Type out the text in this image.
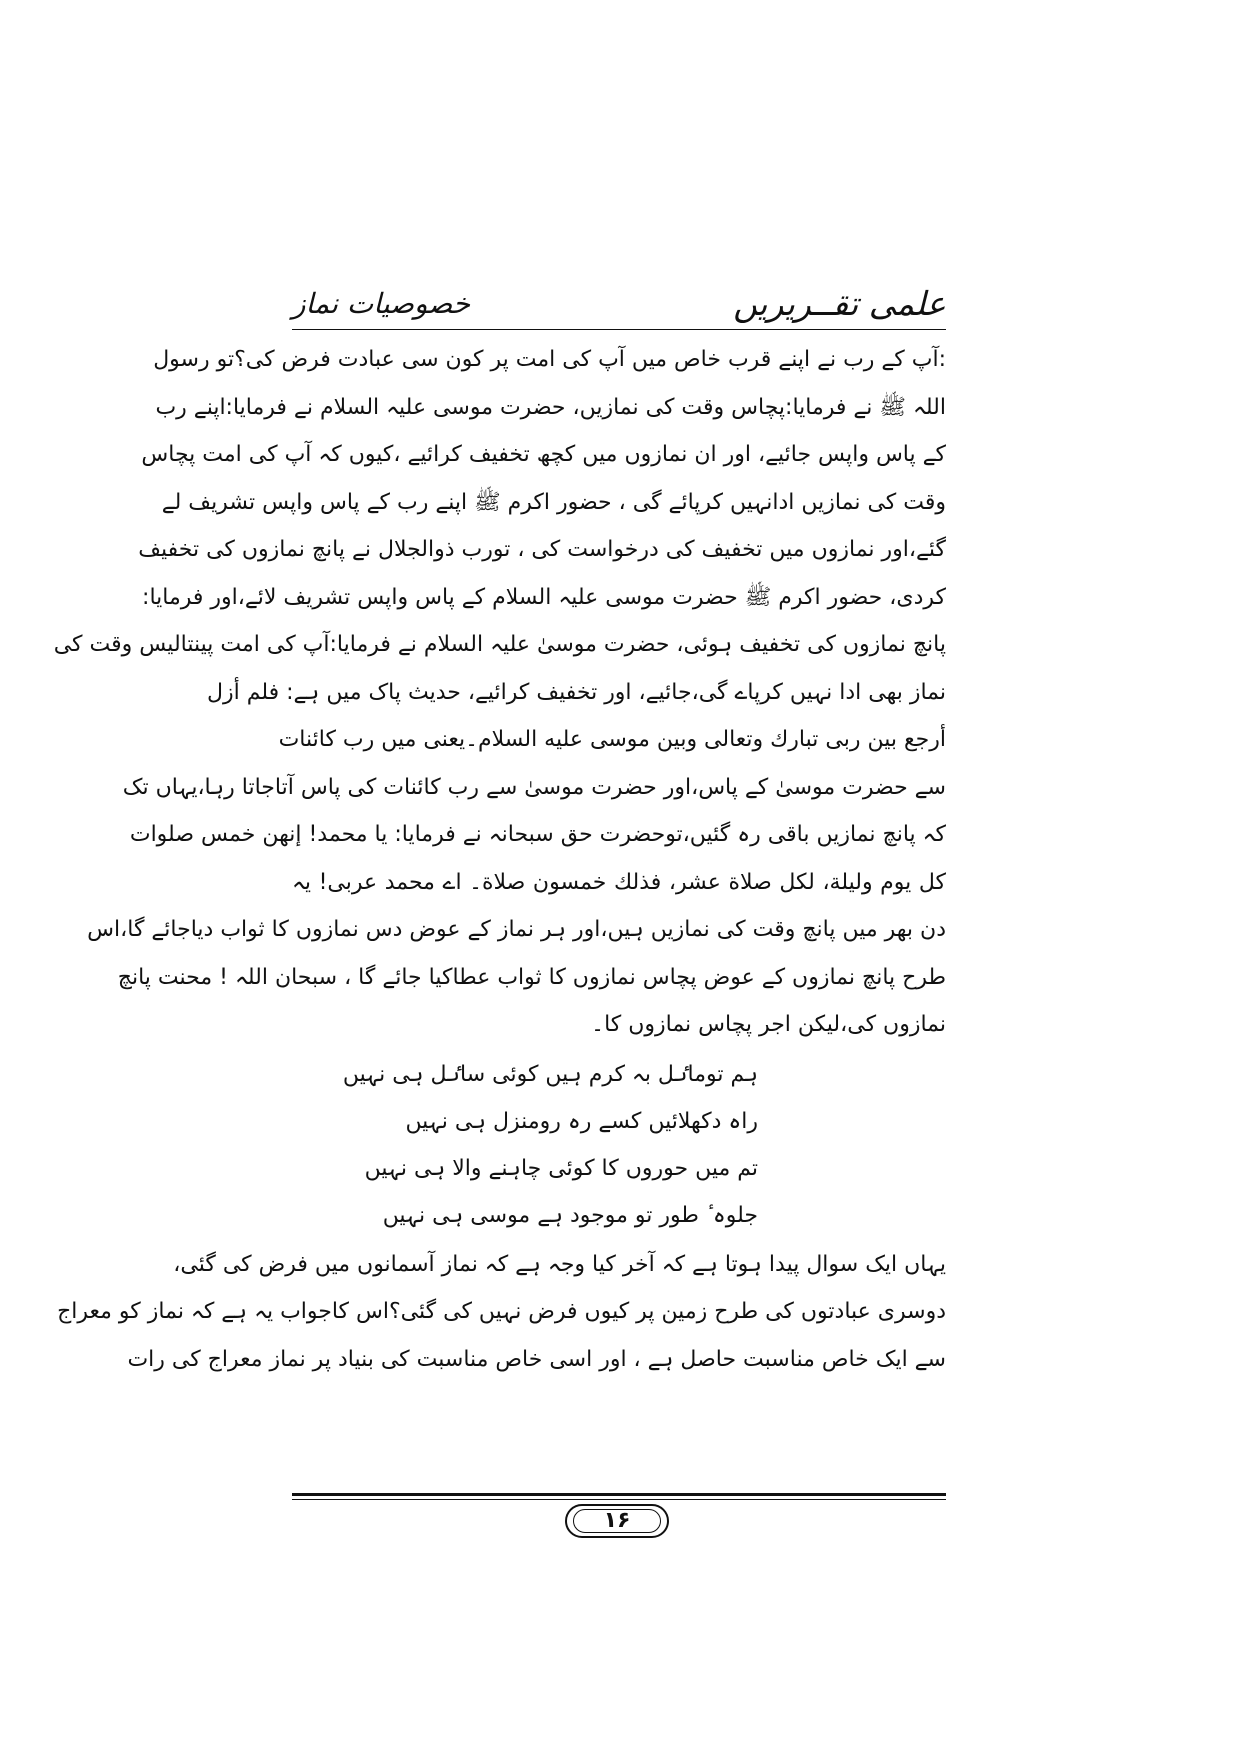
علمی تقــریریں
خصوصیات نماز
:آپ کے رب نے اپنے قرب خاص میں آپ کی امت پر کون سی عبادت فرض کی؟تو رسول
اللہ ﷺ نے فرمایا:پچاس وقت کی نمازیں، حضرت موسی علیہ السلام نے فرمایا:اپنے رب
کے پاس واپس جائیے، اور ان نمازوں میں کچھ تخفیف کرائیے ،کیوں کہ آپ کی امت پچاس
وقت کی نمازیں ادانہیں کرپائے گی ، حضور اکرم ﷺ اپنے رب کے پاس واپس تشریف لے
گئے،اور نمازوں میں تخفیف کی درخواست کی ، تورب ذوالجلال نے پانچ نمازوں کی تخفیف
کردی، حضور اکرم ﷺ حضرت موسی علیہ السلام کے پاس واپس تشریف لائے،اور فرمایا:
پانچ نمازوں کی تخفیف ہوئی، حضرت موسیٰ علیہ السلام نے فرمایا:آپ کی امت پینتالیس وقت کی
نماز بھی ادا نہیں کرپاے گی،جائیے، اور تخفیف کرائیے، حدیث پاک میں ہے: فلم أزل
أرجع بین ربی تبارك وتعالی وبین موسی علیه السلام۔یعنی میں رب کائنات
سے حضرت موسیٰ کے پاس،اور حضرت موسیٰ سے رب کائنات کی پاس آتاجاتا رہا،یہاں تک
کہ پانچ نمازیں باقی رہ گئیں،توحضرت حق سبحانہ نے فرمایا: یا محمد! إنهن خمس صلوات
کل یوم ولیلة، لکل صلاة عشر، فذلك خمسون صلاة۔ اے محمد عربی! یہ
دن بھر میں پانچ وقت کی نمازیں ہیں،اور ہر نماز کے عوض دس نمازوں کا ثواب دیاجائے گا،اس
طرح پانچ نمازوں کے عوض پچاس نمازوں کا ثواب عطاکیا جائے گا ، سبحان اللہ ! محنت پانچ
نمازوں کی،لیکن اجر پچاس نمازوں کا۔
ہم توماٸل بہ کرم ہیں کوئی ساٸل ہی نہیں
راہ دکھلائیں کسے رہ رومنزل ہی نہیں
تم میں حوروں کا کوئی چاہنے والا ہی نہیں
جلوہ ٔ طور تو موجود ہے موسی ہی نہیں
یہاں ایک سوال پیدا ہوتا ہے کہ آخر کیا وجہ ہے کہ نماز آسمانوں میں فرض کی گئی،
دوسری عبادتوں کی طرح زمین پر کیوں فرض نہیں کی گئی؟اس کاجواب یہ ہے کہ نماز کو معراج
سے ایک خاص مناسبت حاصل ہے ، اور اسی خاص مناسبت کی بنیاد پر نماز معراج کی رات
۱۶
